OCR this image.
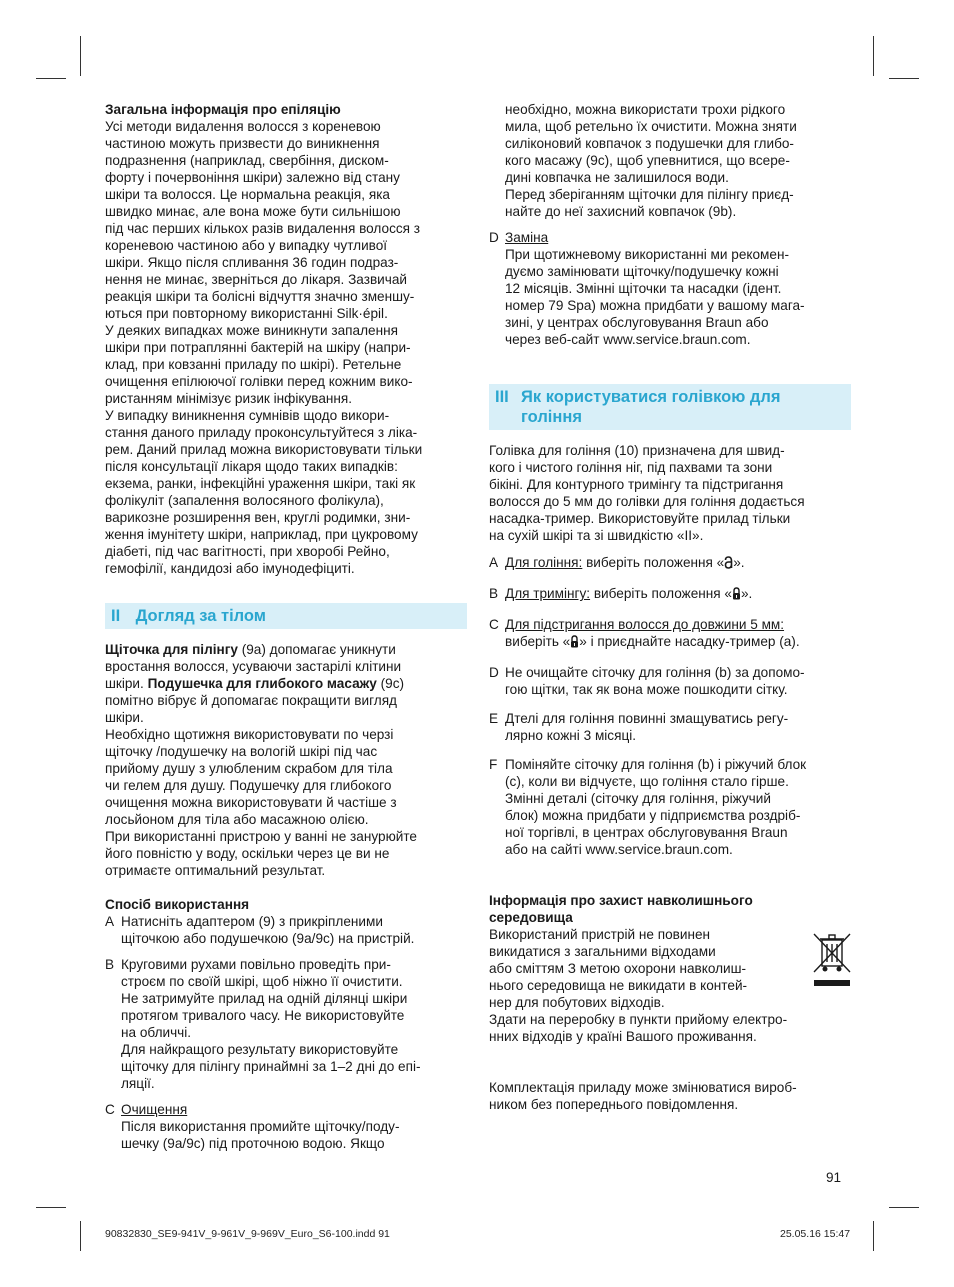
Загальна інформація про епіляцію
Усі методи видалення волосся з кореневою
частиною можуть призвести до виникнення
подразнення (наприклад, свербіння, диском-
форту і почервоніння шкіри) залежно від стану
шкіри та волосся. Це нормальна реакція, яка
швидко минає, але вона може бути сильнішою
під час перших кількох разів видалення волосся з
кореневою частиною або у випадку чутливої
шкіри. Якщо після спливання 36 годин подраз-
нення не минає, зверніться до лікаря. Зазвичай
реакція шкіри та болісні відчуття значно зменшу-
ються при повторному використанні Silk·épil.
У деяких випадках може виникнути запалення
шкіри при потраплянні бактерій на шкіру (напри-
клад, при ковзанні приладу по шкірі). Ретельне
очищення епілюючої голівки перед кожним вико-
ристанням мінімізує ризик інфікування.
У випадку виникнення сумнівів щодо викори-
стання даного приладу проконсультуйтеся з ліка-
рем. Даний прилад можна використовувати тільки
після консультації лікаря щодо таких випадків:
екзема, ранки, інфекційні ураження шкіри, такі як
фолікуліт (запалення волосяного фолікула),
варикозне розширення вен, круглі родимки, зни-
ження імунітету шкіри, наприклад, при цукровому
діабеті, під час вагітності, при хворобі Рейно,
гемофілії, кандидозі або імунодефіциті.
II Догляд за тілом
Щіточка для пілінгу (9a) допомагає уникнути
вростання волосся, усуваючи застарілі клітини
шкіри. Подушечка для глибокого масажу (9c)
помітно вібрує й допомагає покращити вигляд
шкіри.
Необхідно щотижня використовувати по черзі
щіточку /подушечку на вологій шкірі під час
прийому душу з улюбленим скрабом для тіла
чи гелем для душу. Подушечку для глибокого
очищення можна використовувати й частіше з
лосьйоном для тіла або масажною олією.
При використанні пристрою у ванні не занурюйте
його повністю у воду, оскільки через це ви не
отримаєте оптимальний результат.
Спосіб використання
A Натисніть адаптером (9) з прикріпленими
щіточкою або подушечкою (9a/9c) на пристрій.
B Круговими рухами повільно проведіть при-
строєм по своїй шкірі, щоб ніжно її очистити.
Не затримуйте прилад на одній ділянці шкіри
протягом тривалого часу. Не використовуйте
на обличчі.
Для найкращого результату використовуйте
щіточку для пілінгу принаймні за 1–2 дні до епі-
ляції.
C Очищення
Після використання промийте щіточку/поду-
шечку (9a/9c) під проточною водою. Якщо
необхідно, можна використати трохи рідкого
мила, щоб ретельно їх очистити. Можна зняти
силіконовий ковпачок з подушечки для глибо-
кого масажу (9c), щоб упевнитися, що всере-
дині ковпачка не залишилося води.
Перед зберіганням щіточки для пілінгу приєд-
найте до неї захисний ковпачок (9b).
D Заміна
При щотижневому використанні ми рекомен-
дуємо замінювати щіточку/подушечку кожні
12 місяців. Змінні щіточки та насадки (ідент.
номер 79 Spa) можна придбати у вашому мага-
зині, у центрах обслуговування Braun або
через веб-сайт www.service.braun.com.
III Як користуватися голівкою для
гоління
Голівка для гоління (10) призначена для швид-
кого і чистого гоління ніг, під пахвами та зони
бікіні. Для контурного тримінгу та підстригання
волосся до 5 мм до голівки для гоління додається
насадка-тример. Використовуйте прилад тільки
на сухій шкірі та зі швидкістю «II».
A Для гоління: виберіть положення « ».
B Для тримінгу: виберіть положення « ».
C Для підстригання волосся до довжини 5 мм:
виберіть « » і приєднайте насадку-тример (a).
D Не очищайте сіточку для гоління (b) за допомо-
гою щітки, так як вона може пошкодити сітку.
E Дтелі для гоління повинні змащуватись регу-
лярно кожні 3 місяці.
F Поміняйте сіточку для гоління (b) і ріжучий блок
(c), коли ви відчуєте, що гоління стало гірше.
Змінні деталі (сіточку для гоління, ріжучий
блок) можна придбати у підприємства роздріб-
ної торгівлі, в центрах обслуговування Braun
або на сайті www.service.braun.com.
Інформація про захист навколишнього
середовища
Використаний пристрій не повинен
викидатися з загальними відходами
або сміттям З метою охорони навколиш-
нього середовища не викидати в контей-
нер для побутових відходів.
Здати на переробку в пункти прийому електро-
нних відходів у країні Вашого проживання.
Комплектація приладу може змінюватися вироб-
ником без попереднього повідомлення.
91
90832830_SE9-941V_9-961V_9-969V_Euro_S6-100.indd 91	25.05.16 15:47
